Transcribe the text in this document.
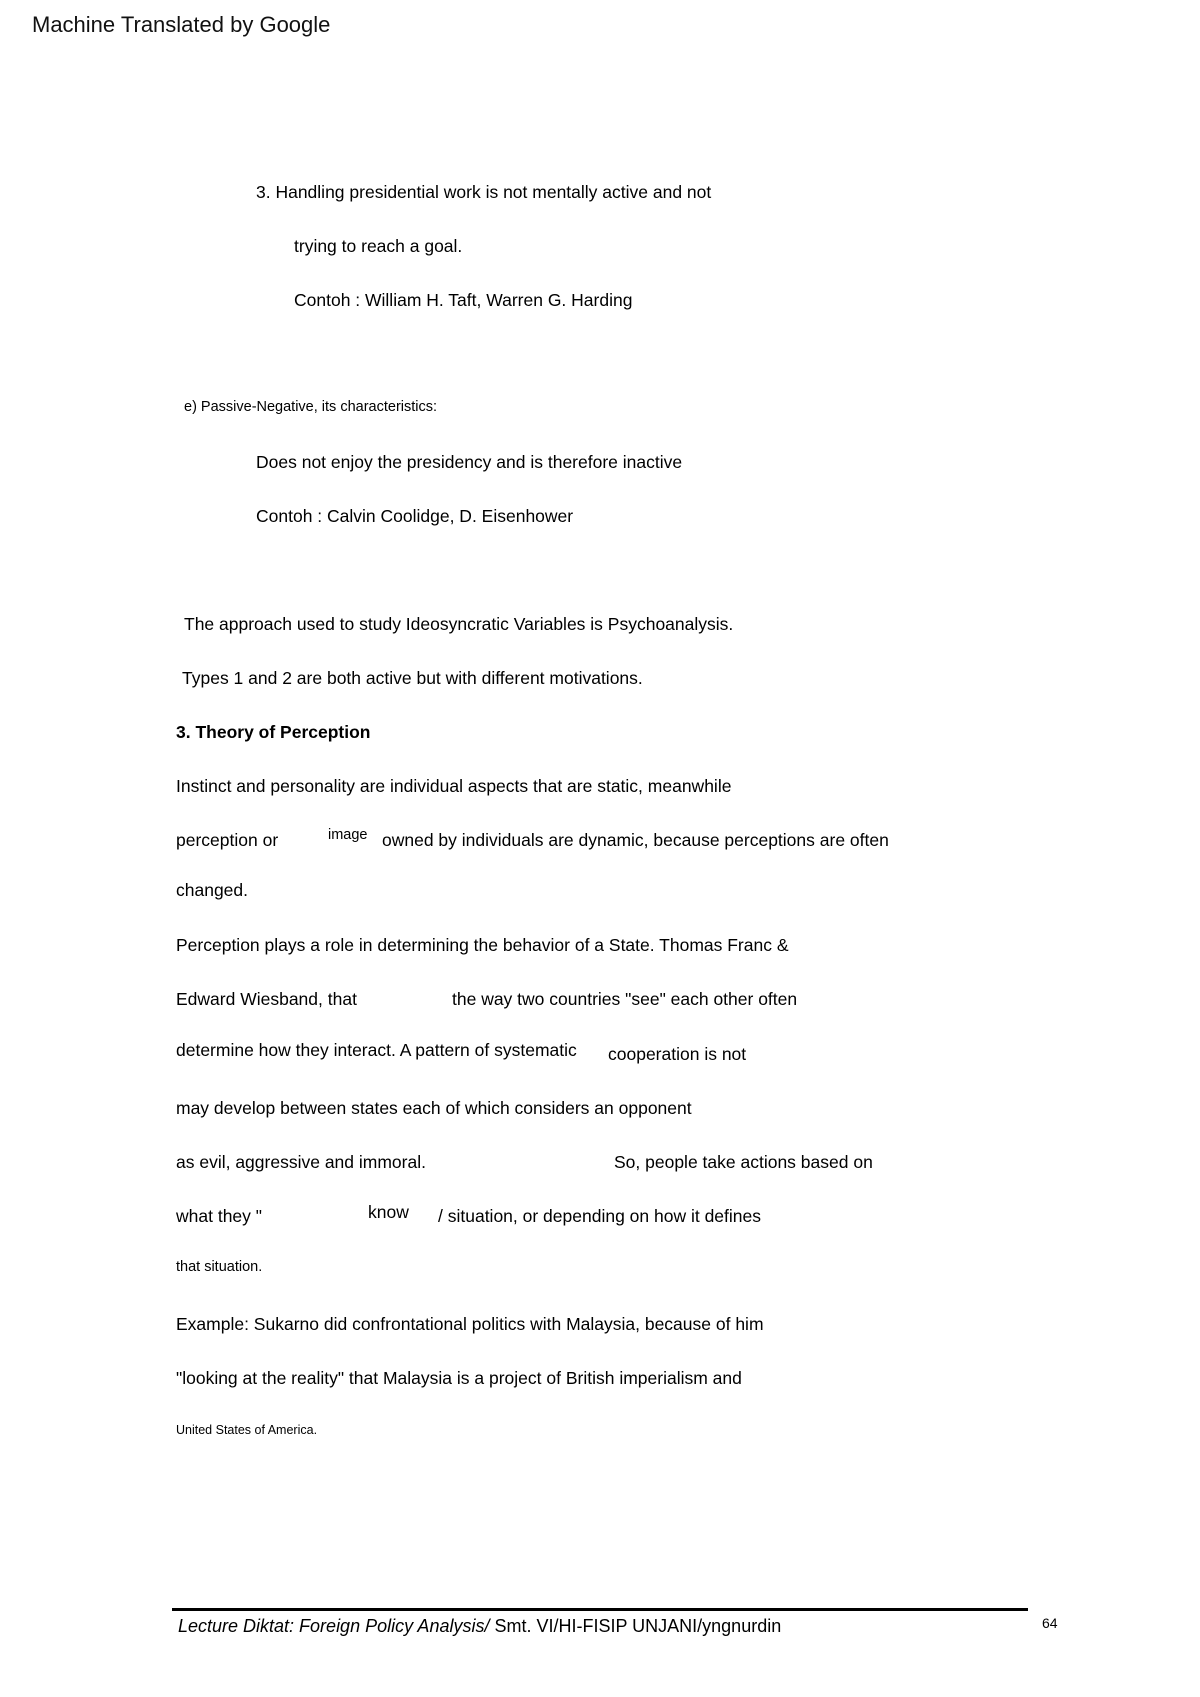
Machine Translated by Google
3. Handling presidential work is not mentally active and not
trying to reach a goal.
Contoh : William H. Taft, Warren G. Harding
e) Passive-Negative, its characteristics:
Does not enjoy the presidency and is therefore inactive
Contoh : Calvin Coolidge, D. Eisenhower
The approach used to study Ideosyncratic Variables is Psychoanalysis.
Types 1 and 2 are both active but with different motivations.
3. Theory of Perception
Instinct and personality are individual aspects that are static, meanwhile
perception or	image owned by individuals are dynamic, because perceptions are often
changed.
Perception plays a role in determining the behavior of a State. Thomas Franc &
Edward Wiesband, that	the way two countries "see" each other often
determine how they interact. A pattern of systematic cooperation is not
may develop between states each of which considers an opponent
as evil, aggressive and immoral.	So, people take actions based on
what they "	know / situation, or depending on how it defines
that situation.
Example: Sukarno did confrontational politics with Malaysia, because of him
"looking at the reality" that Malaysia is a project of British imperialism and
United States of America.
Lecture Diktat: Foreign Policy Analysis/ Smt. VI/HI-FISIP UNJANI/yngnurdin	64
